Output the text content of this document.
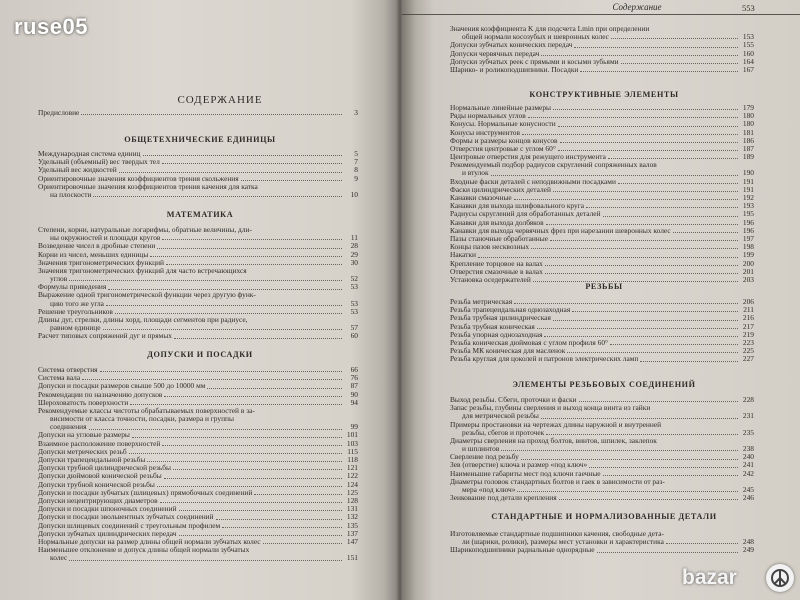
СОДЕРЖАНИЕ
Предисловие	3
ОБЩЕТЕХНИЧЕСКИЕ ЕДИНИЦЫ
Международная система единиц	5
Удельный (объемный) вес твердых тел	7
Удельный вес жидкостей	8
Ориентировочные значения коэффициентов трения скольжения	9
Ориентировочные значения коэффициентов трения качения для катка
на плоскости	10
МАТЕМАТИКА
Степени, корни, натуральные логарифмы, обратные величины, дли-
ны окружностей и площади кругов	11
Возведение чисел в дробные степени	28
Корни из чисел, меньших единицы	29
Значения тригонометрических функций	30
Значения тригонометрических функций для часто встречающихся
углов	52
Формулы приведения	53
Выражение одной тригонометрической функции через другую функ-
цию того же угла	53
Решение треугольников	53
Длины дуг, стрелки, длины хорд, площади сегментов при радиусе,
равном единице	57
Расчет типовых сопряжений дуг и прямых	60
ДОПУСКИ И ПОСАДКИ
Система отверстия	66
Система вала	76
Допуски и посадки размеров свыше 500 до 10000 мм	87
Рекомендации по назначению допусков	90
Шероховатость поверхности	94
Рекомендуемые классы чистоты обрабатываемых поверхностей в за-
висимости от класса точности, посадки, размера и группы
соединения	99
Допуски на угловые размеры	101
Взаимное расположение поверхностей	103
Допуски метрических резьб	115
Допуски трапецеидальной резьбы	118
Допуски трубной цилиндрической резьбы	121
Допуски дюймовой конической резьбы	122
Допуски трубной конической резьбы	124
Допуски и посадки зубчатых (шлицевых) прямобочных соединений	125
Допуски нецентрирующих диаметров	128
Допуски и посадки шпоночных соединений	131
Допуски и посадки эвольвентных зубчатых соединений	132
Допуски шлицевых соединений с треугольным профилем	135
Допуски зубчатых цилиндрических передач	137
Нормальные допуски на размер длины общей нормали зубчатых колес	147
Наименьшее отклонение и допуск длины общей нормали зубчатых
колес	151
Содержание	553
Значения коэффициента K для подсчета Lmin при определении
общей нормали косозубых и шевронных колес	153
Допуски зубчатых конических передач	155
Допуски червячных передач	160
Допуски зубчатых реек с прямыми и косыми зубьями	164
Шарико- и роликоподшипники. Посадки	167
КОНСТРУКТИВНЫЕ ЭЛЕМЕНТЫ
Нормальные линейные размеры	179
Ряды нормальных углов	180
Конусы. Нормальные конусности	180
Конусы инструментов	181
Формы и размеры концов конусов	186
Отверстия центровые с углом 60°	187
Центровые отверстия для режущего инструмента	189
Рекомендуемый подбор радиусов скруглений сопряженных валов
и втулок	190
Входные фаски деталей с неподвижными посадками	191
Фаски цилиндрических деталей	191
Канавки смазочные	192
Канавки для выхода шлифовального круга	193
Радиусы скруглений для обработанных деталей	195
Канавки для выхода долбяков	196
Канавки для выхода червячных фрез при нарезании шевронных колес	196
Пазы станочные обработанные	197
Концы пазов несквозных	198
Накатки	199
Крепление торцовое на валах	200
Отверстия смазочные в валах	201
Установка оседержателей	203
РЕЗЬБЫ
Резьба метрическая	206
Резьба трапецеидальная однозаходная	211
Резьба трубная цилиндрическая	216
Резьба трубная коническая	217
Резьба упорная однозаходная	219
Резьба коническая дюймовая с углом профиля 60°	223
Резьба МК коническая для масленок	225
Резьба круглая для цоколей и патронов электрических ламп	227
ЭЛЕМЕНТЫ РЕЗЬБОВЫХ СОЕДИНЕНИЙ
Выход резьбы. Сбеги, проточки и фаски	228
Запас резьбы, глубины сверления и выход конца винта из гайки
для метрической резьбы	231
Примеры простановки на чертежах длины наружной и внутренней
резьбы, сбегов и проточек	235
Диаметры сверления на проход болтов, винтов, шпилек, заклепок
и шплинтов	238
Сверление под резьбу	240
Зев (отверстие) ключа и размер «под ключ»	241
Наименьшие габариты мест под ключи гаечные	242
Диаметры головок стандартных болтов и гаек в зависимости от раз-
мера «под ключ»	245
Зенкование под детали крепления	246
СТАНДАРТНЫЕ И НОРМАЛИЗОВАННЫЕ ДЕТАЛИ
Изготовляемые стандартные подшипники качения, свободные дета-
ли (шарики, ролики), размеры мест установки и характеристика	248
Шарикоподшипники радиальные однорядные	249
ruse05
bazar
